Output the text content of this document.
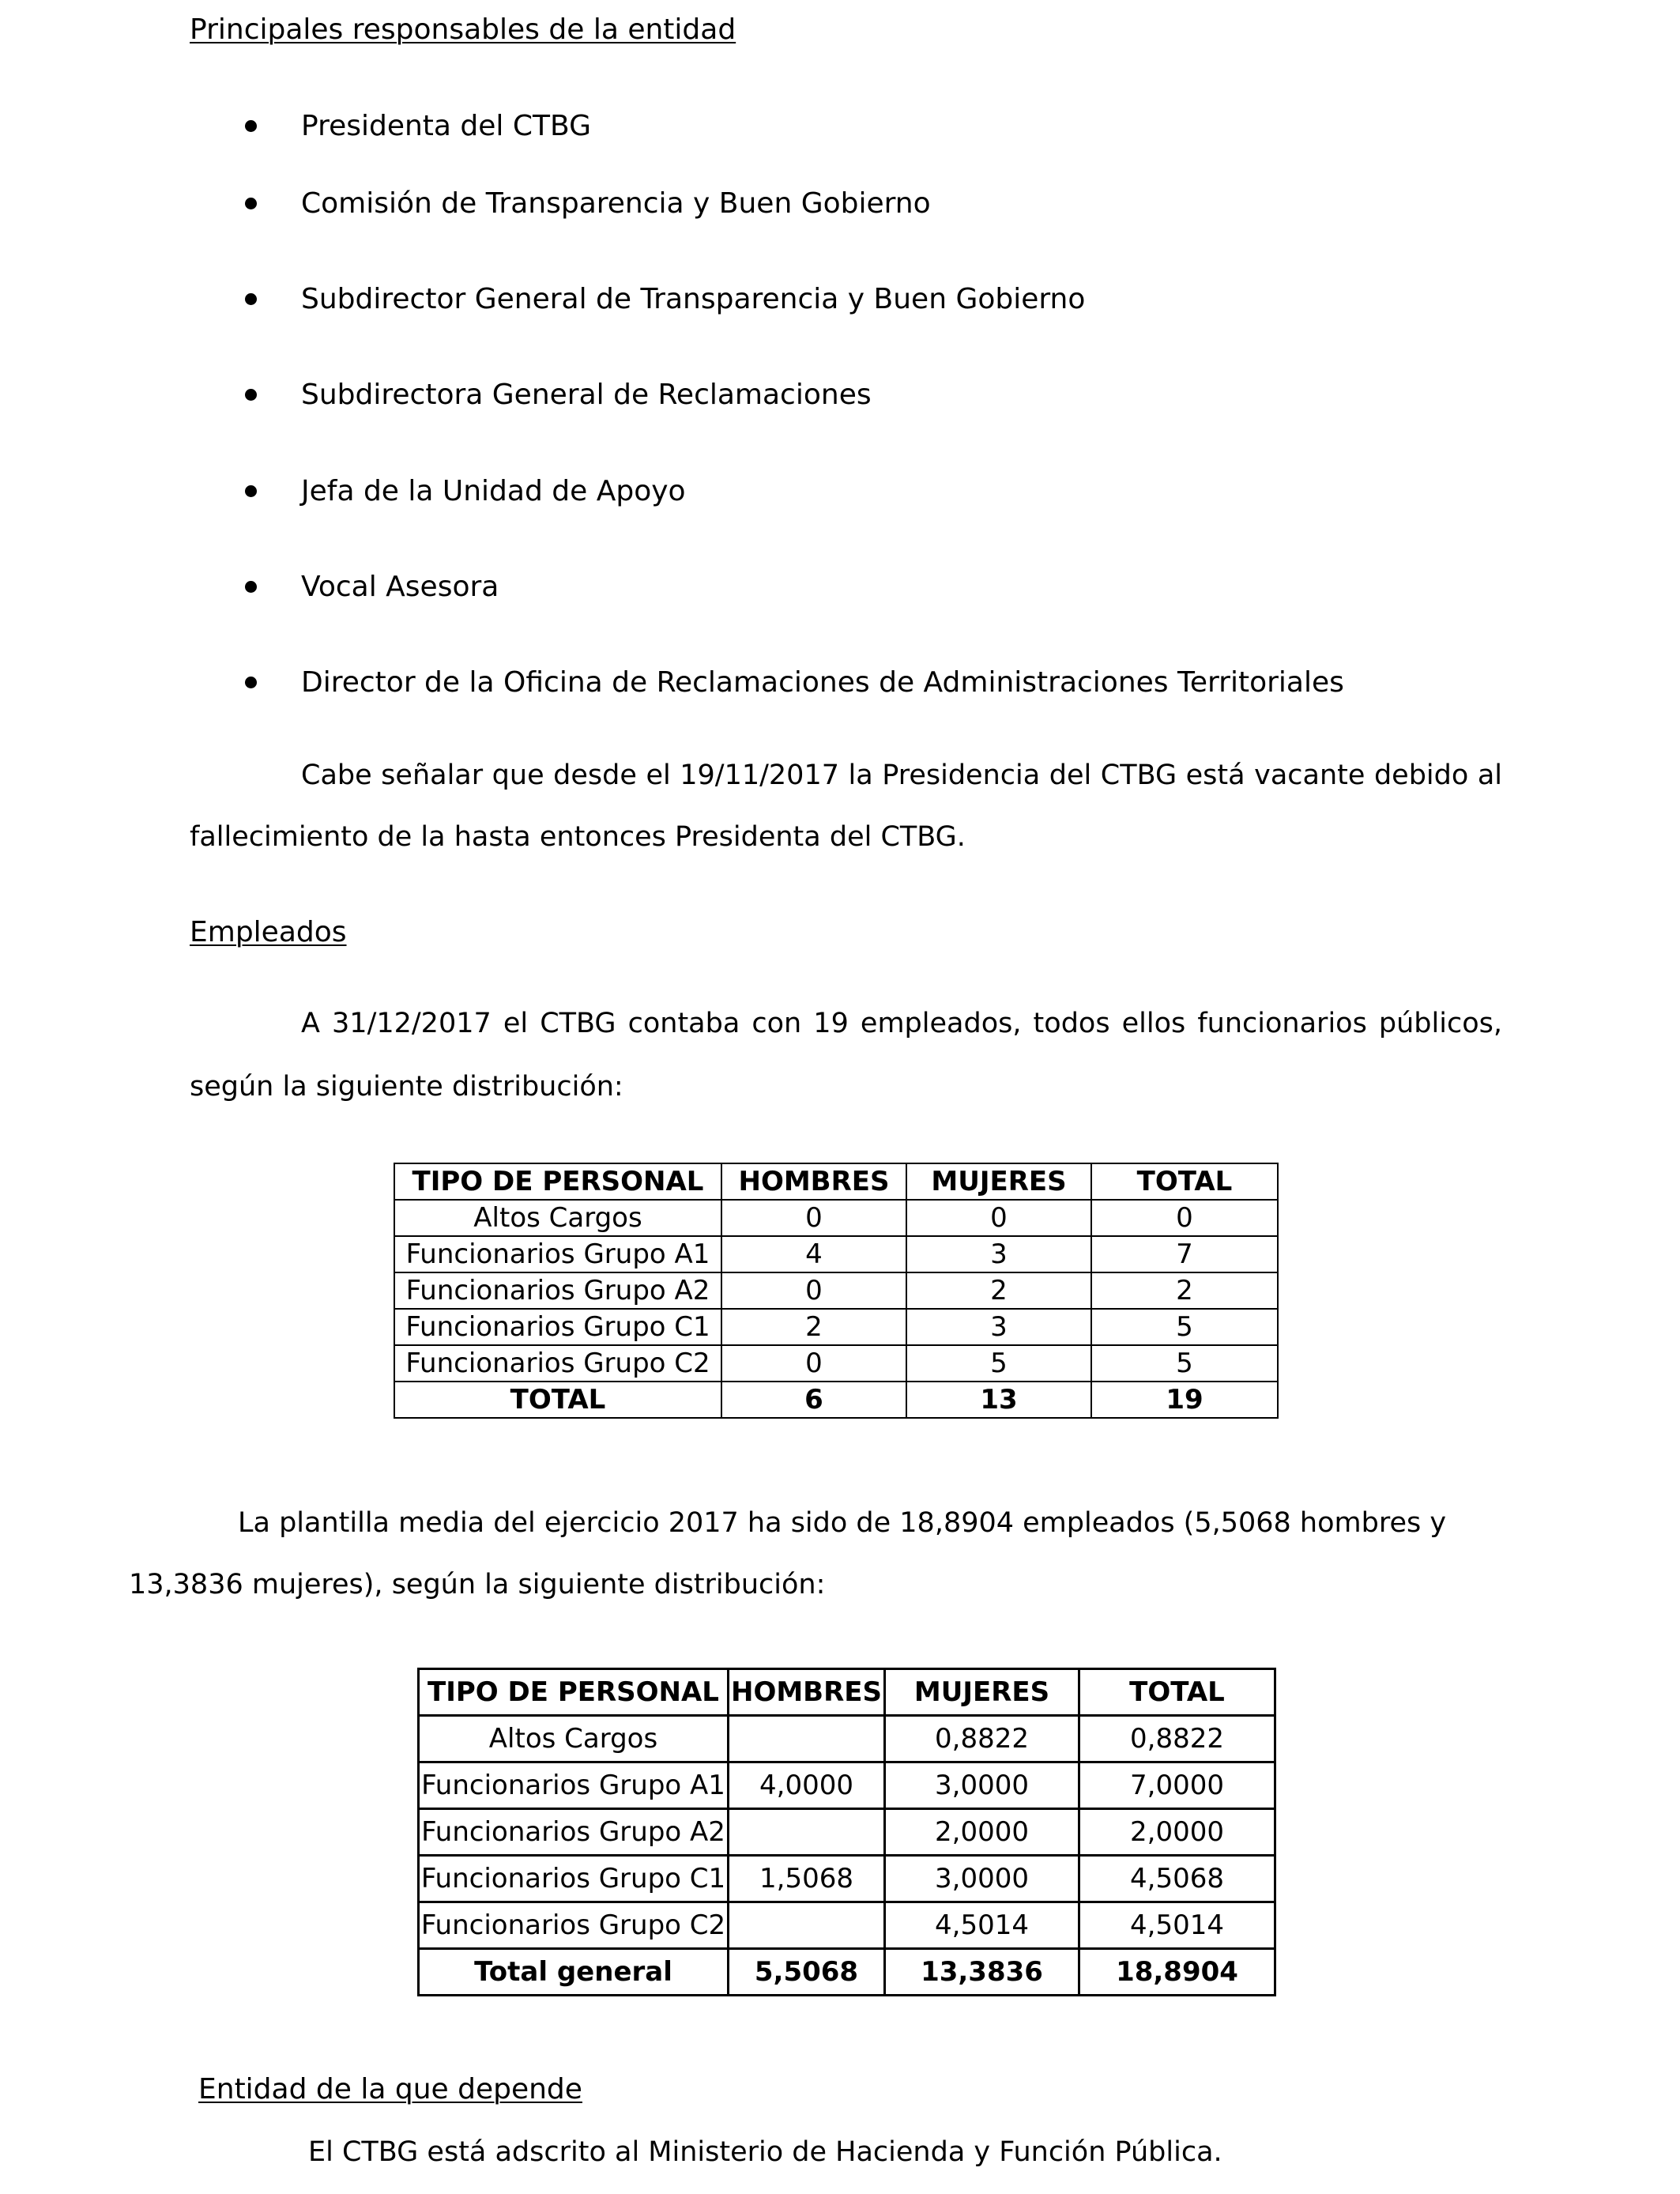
Principales responsables de la entidad
Presidenta del CTBG
Comisión de Transparencia y Buen Gobierno
Subdirector General de Transparencia y Buen Gobierno
Subdirectora General de Reclamaciones
Jefa de la Unidad de Apoyo
Vocal Asesora
Director de la Oficina de Reclamaciones de Administraciones Territoriales
Cabe señalar que desde el 19/11/2017 la Presidencia del CTBG está vacante debido al
fallecimiento de la hasta entonces Presidenta del CTBG.
Empleados
A 31/12/2017 el CTBG contaba con 19 empleados, todos ellos funcionarios públicos,
según la siguiente distribución:
TIPO DE PERSONAL	HOMBRES	MUJERES	TOTAL
Altos Cargos	0	0	0
Funcionarios Grupo A1	4	3	7
Funcionarios Grupo A2	0	2	2
Funcionarios Grupo C1	2	3	5
Funcionarios Grupo C2	0	5	5
TOTAL	6	13	19
La plantilla media del ejercicio 2017 ha sido de 18,8904 empleados (5,5068 hombres y
13,3836 mujeres), según la siguiente distribución:
TIPO DE PERSONAL	HOMBRES	MUJERES	TOTAL
Altos Cargos		0,8822	0,8822
Funcionarios Grupo A1	4,0000	3,0000	7,0000
Funcionarios Grupo A2		2,0000	2,0000
Funcionarios Grupo C1	1,5068	3,0000	4,5068
Funcionarios Grupo C2		4,5014	4,5014
Total general	5,5068	13,3836	18,8904
Entidad de la que depende
El CTBG está adscrito al Ministerio de Hacienda y Función Pública.
